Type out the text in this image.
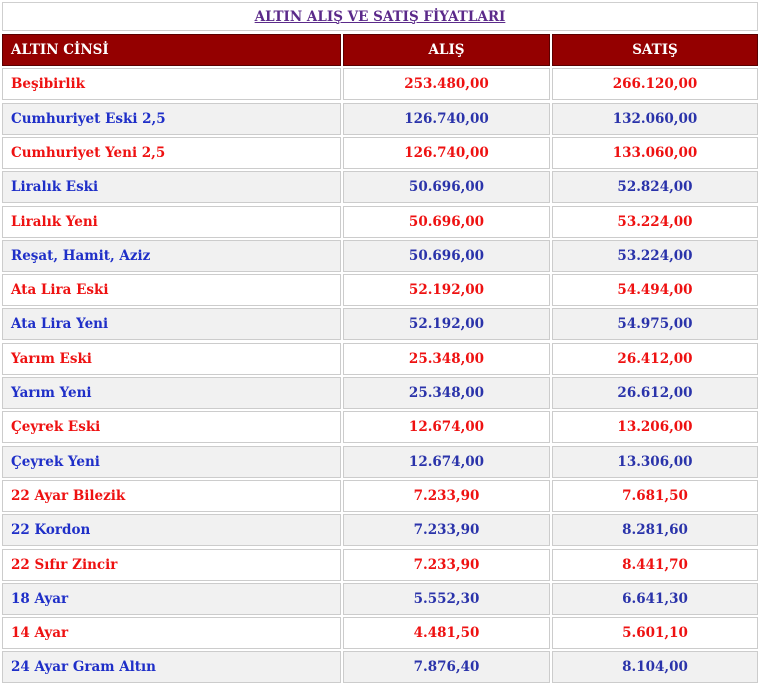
ALTIN ALIŞ VE SATIŞ FİYATLARI
ALTIN CİNSİ	ALIŞ	SATIŞ
Beşibirlik	253.480,00	266.120,00
Cumhuriyet Eski 2,5	126.740,00	132.060,00
Cumhuriyet Yeni 2,5	126.740,00	133.060,00
Liralık Eski	50.696,00	52.824,00
Liralık Yeni	50.696,00	53.224,00
Reşat, Hamit, Aziz	50.696,00	53.224,00
Ata Lira Eski	52.192,00	54.494,00
Ata Lira Yeni	52.192,00	54.975,00
Yarım Eski	25.348,00	26.412,00
Yarım Yeni	25.348,00	26.612,00
Çeyrek Eski	12.674,00	13.206,00
Çeyrek Yeni	12.674,00	13.306,00
22 Ayar Bilezik	7.233,90	7.681,50
22 Kordon	7.233,90	8.281,60
22 Sıfır Zincir	7.233,90	8.441,70
18 Ayar	5.552,30	6.641,30
14 Ayar	4.481,50	5.601,10
24 Ayar Gram Altın	7.876,40	8.104,00
